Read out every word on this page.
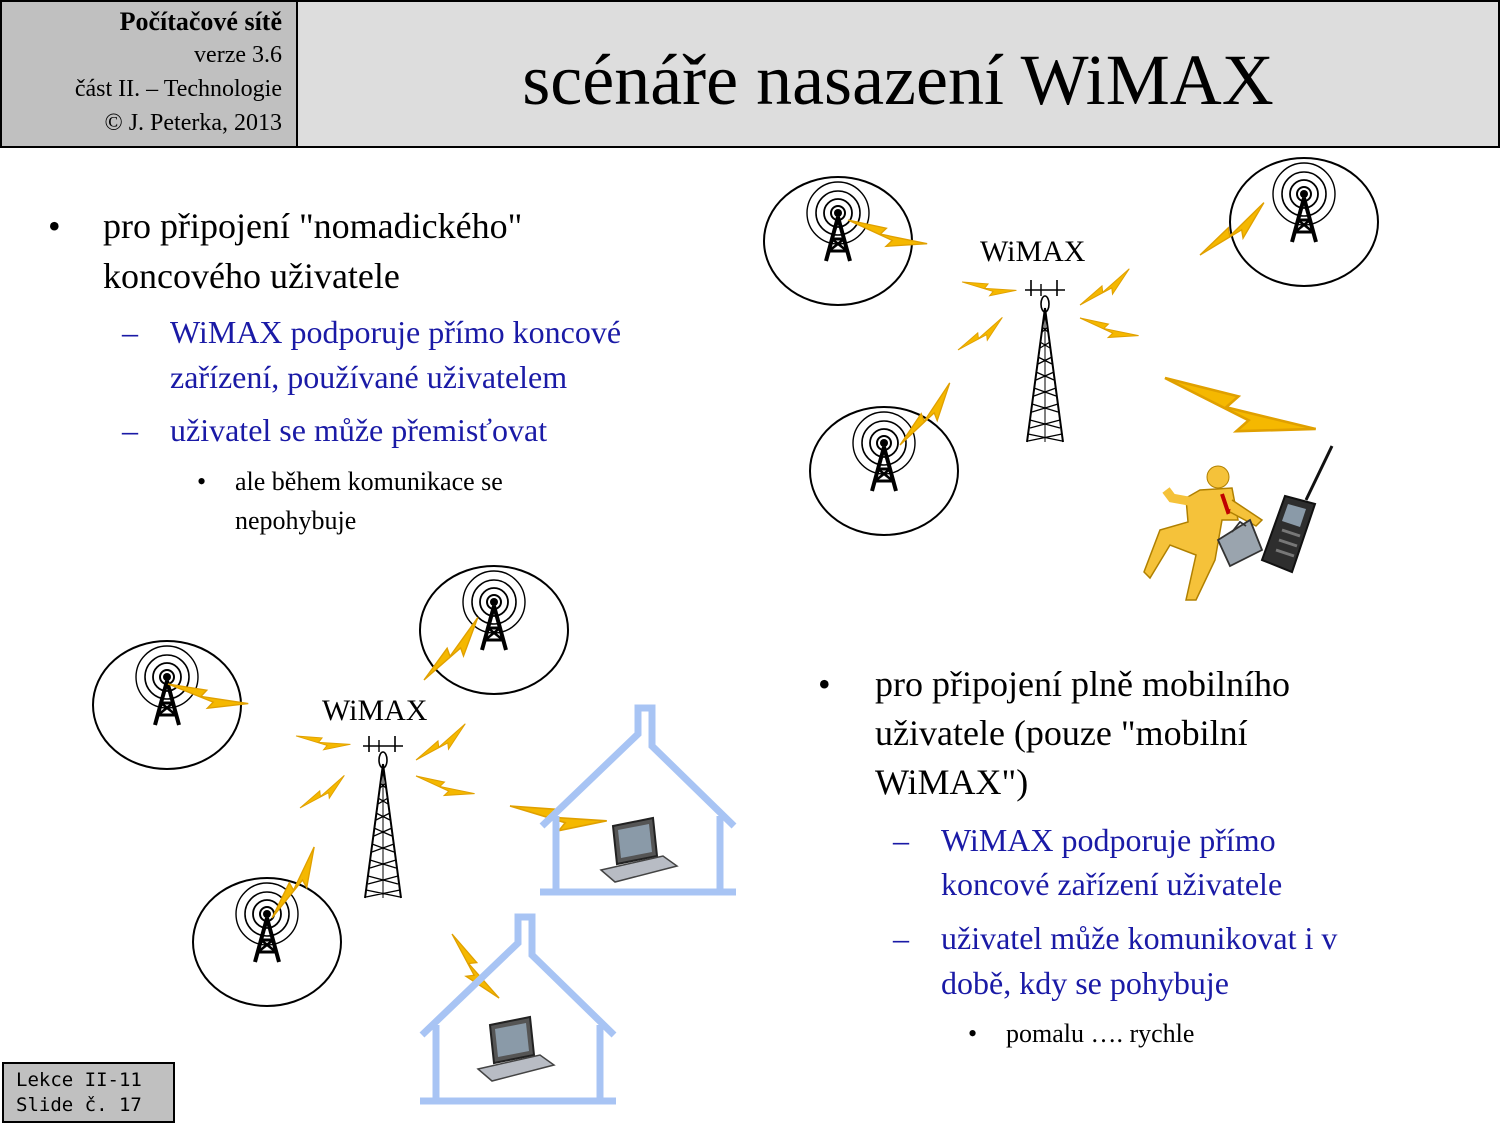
Počítačové sítě
verze 3.6
část II. – Technologie
© J. Peterka, 2013
scénáře nasazení WiMAX
• pro připojení "nomadického"
koncového uživatele
– WiMAX podporuje přímo koncové
zařízení, používané uživatelem
– uživatel se může přemisťovat
• ale během komunikace se
nepohybuje
• pro připojení plně mobilního
uživatele (pouze "mobilní
WiMAX")
– WiMAX podporuje přímo
koncové zařízení uživatele
– uživatel může komunikovat i v
době, kdy se pohybuje
• pomalu …. rychle
WiMAX
WiMAX
Lekce II-11
Slide č. 17
